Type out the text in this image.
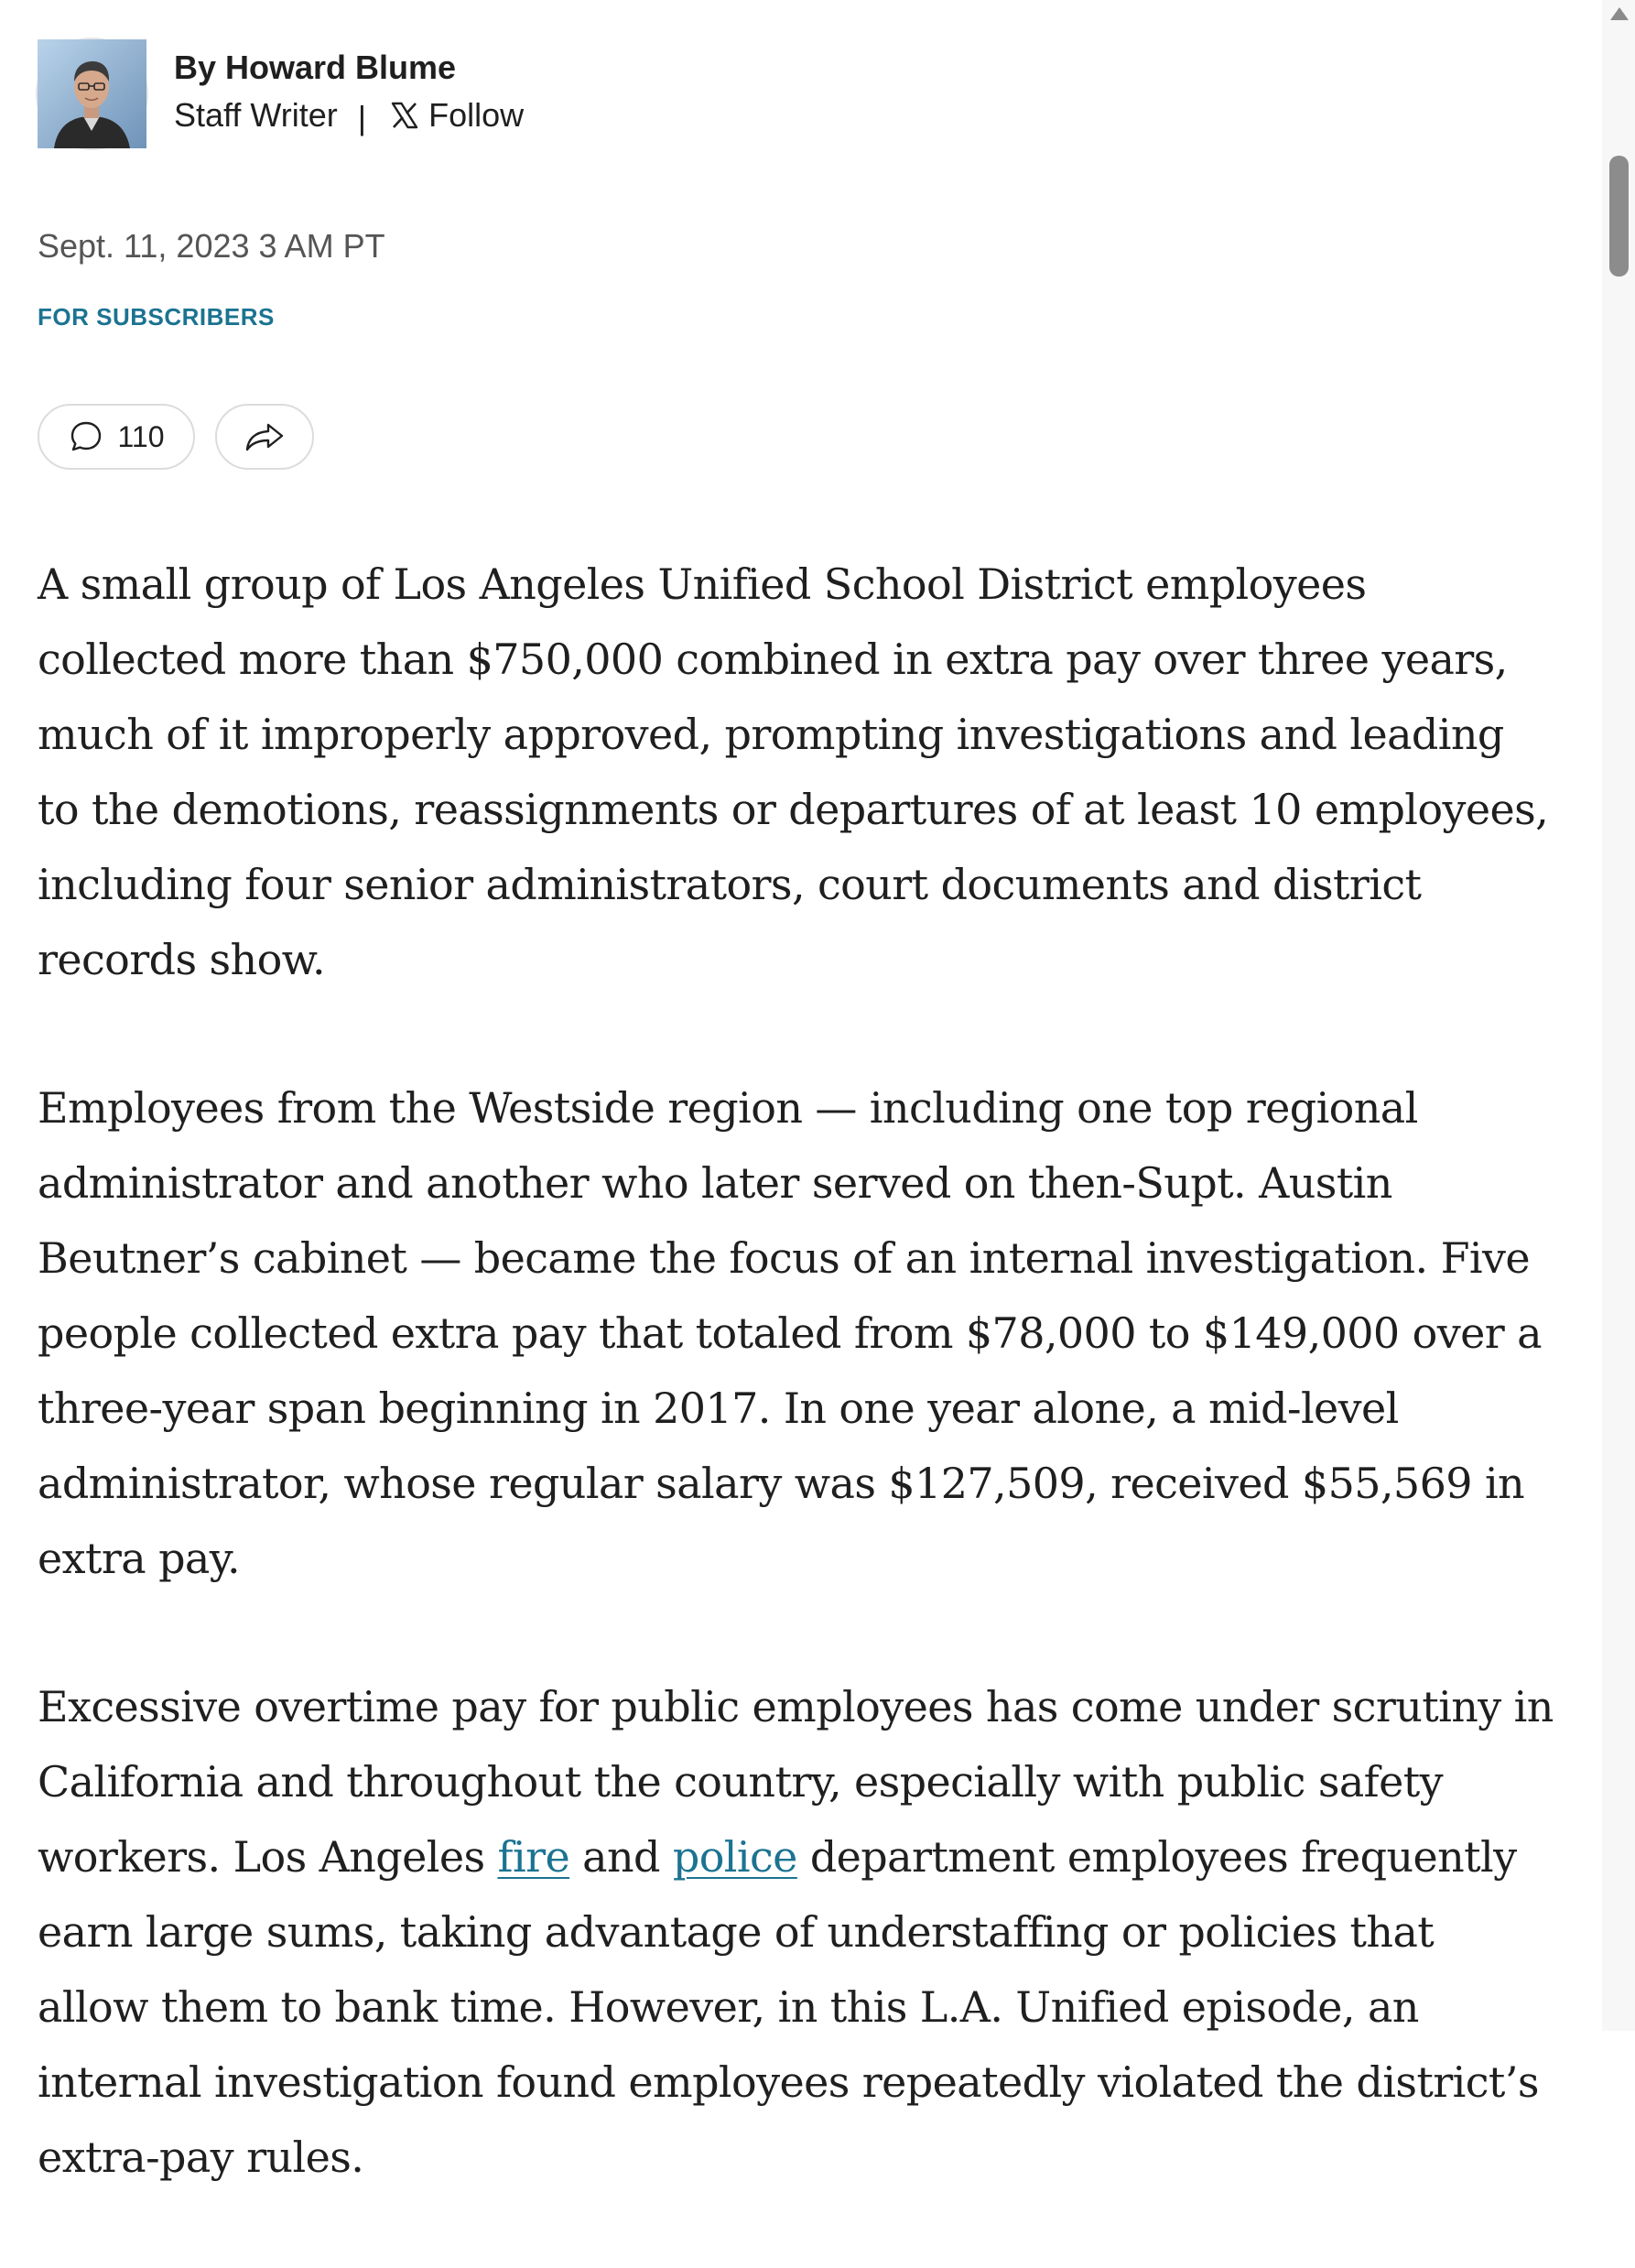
By Howard Blume
Staff Writer | Follow
Sept. 11, 2023 3 AM PT
FOR SUBSCRIBERS
110

A small group of Los Angeles Unified School District employees collected more than $750,000 combined in extra pay over three years, much of it improperly approved, prompting investigations and leading to the demotions, reassignments or departures of at least 10 employees, including four senior administrators, court documents and district records show.

Employees from the Westside region — including one top regional administrator and another who later served on then-Supt. Austin Beutner’s cabinet — became the focus of an internal investigation. Five people collected extra pay that totaled from $78,000 to $149,000 over a three-year span beginning in 2017. In one year alone, a mid-level administrator, whose regular salary was $127,509, received $55,569 in extra pay.

Excessive overtime pay for public employees has come under scrutiny in California and throughout the country, especially with public safety workers. Los Angeles fire and police department employees frequently earn large sums, taking advantage of understaffing or policies that allow them to bank time. However, in this L.A. Unified episode, an internal investigation found employees repeatedly violated the district’s extra-pay rules.
